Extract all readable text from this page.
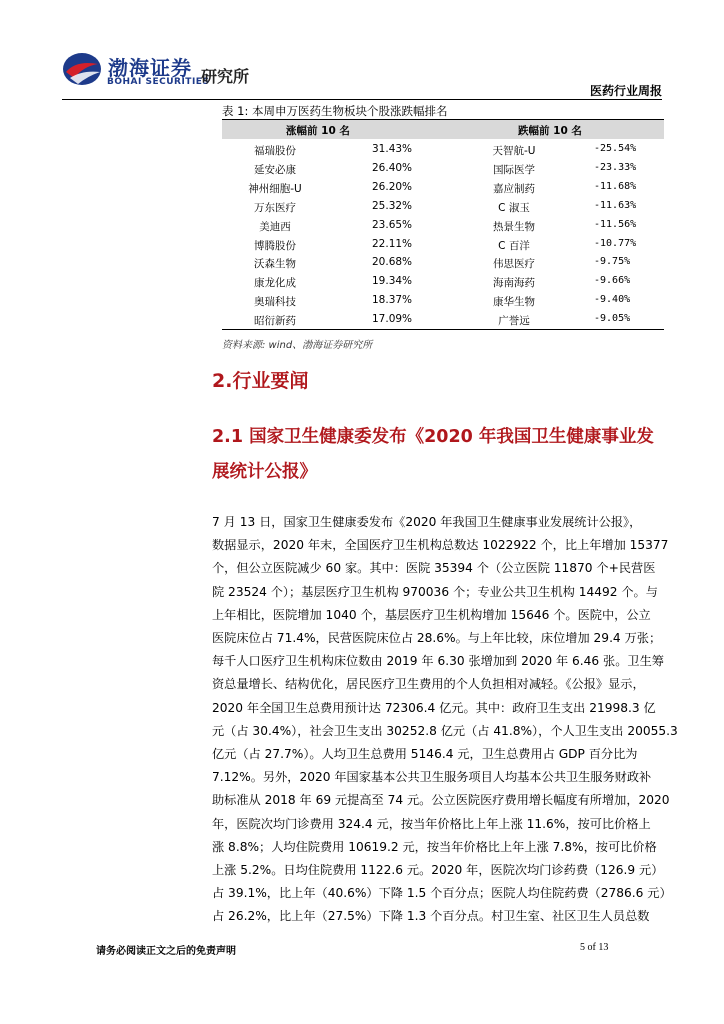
渤海证券
BOHAI SECURITIES
研究所
医药行业周报
表 1: 本周申万医药生物板块个股涨跌幅排名
涨幅前 10 名	跌幅前 10 名
福瑞股份	31.43%	天智航-U	-25.54%
延安必康	26.40%	国际医学	-23.33%
神州细胞-U	26.20%	嘉应制药	-11.68%
万东医疗	25.32%	C 淑玉	-11.63%
美迪西	23.65%	热景生物	-11.56%
博腾股份	22.11%	C 百洋	-10.77%
沃森生物	20.68%	伟思医疗	-9.75%
康龙化成	19.34%	海南海药	-9.66%
奥瑞科技	18.37%	康华生物	-9.40%
昭衍新药	17.09%	广誉远	-9.05%
资料来源: wind、渤海证券研究所
2.行业要闻
2.1 国家卫生健康委发布《2020 年我国卫生健康事业发
展统计公报》
7 月 13 日，国家卫生健康委发布《2020 年我国卫生健康事业发展统计公报》，
数据显示，2020 年末，全国医疗卫生机构总数达 1022922 个，比上年增加 15377
个，但公立医院减少 60 家。其中：医院 35394 个（公立医院 11870 个+民营医
院 23524 个）；基层医疗卫生机构 970036 个；专业公共卫生机构 14492 个。与
上年相比，医院增加 1040 个，基层医疗卫生机构增加 15646 个。医院中，公立
医院床位占 71.4%，民营医院床位占 28.6%。与上年比较，床位增加 29.4 万张；
每千人口医疗卫生机构床位数由 2019 年 6.30 张增加到 2020 年 6.46 张。卫生筹
资总量增长、结构优化，居民医疗卫生费用的个人负担相对减轻。《公报》显示，
2020 年全国卫生总费用预计达 72306.4 亿元。其中：政府卫生支出 21998.3 亿
元（占 30.4%），社会卫生支出 30252.8 亿元（占 41.8%），个人卫生支出 20055.3
亿元（占 27.7%）。人均卫生总费用 5146.4 元，卫生总费用占 GDP 百分比为
7.12%。另外，2020 年国家基本公共卫生服务项目人均基本公共卫生服务财政补
助标准从 2018 年 69 元提高至 74 元。公立医院医疗费用增长幅度有所增加，2020
年，医院次均门诊费用 324.4 元，按当年价格比上年上涨 11.6%，按可比价格上
涨 8.8%；人均住院费用 10619.2 元，按当年价格比上年上涨 7.8%，按可比价格
上涨 5.2%。日均住院费用 1122.6 元。2020 年，医院次均门诊药费（126.9 元）
占 39.1%，比上年（40.6%）下降 1.5 个百分点；医院人均住院药费（2786.6 元）
占 26.2%，比上年（27.5%）下降 1.3 个百分点。村卫生室、社区卫生人员总数
请务必阅读正文之后的免责声明	5 of 13
